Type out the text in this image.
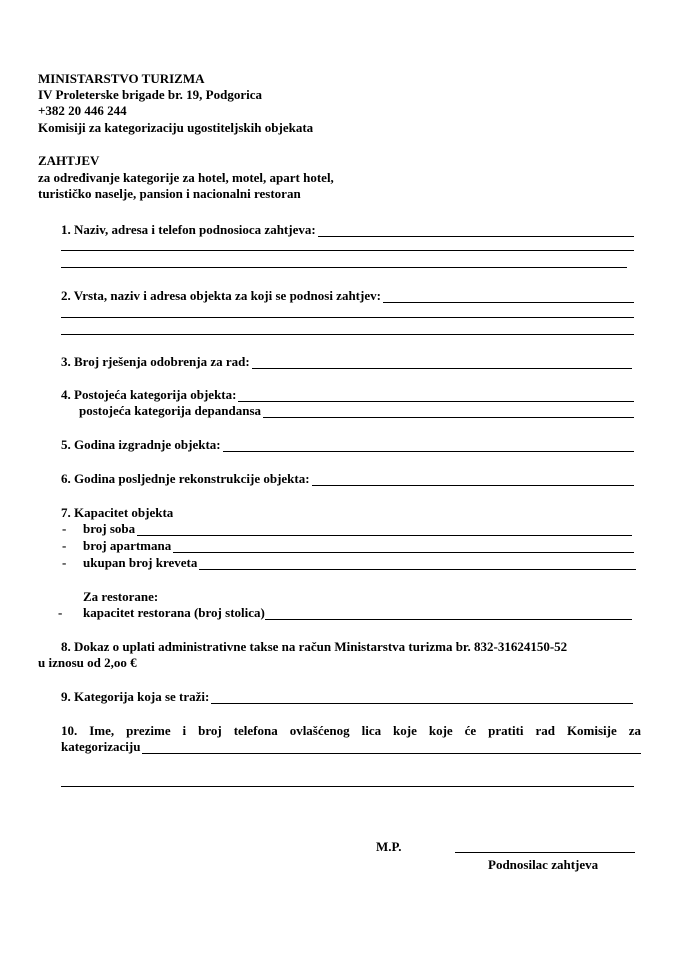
MINISTARSTVO TURIZMA
IV Proleterske brigade br. 19, Podgorica
+382 20 446 244
Komisiji za kategorizaciju ugostiteljskih objekata
ZAHTJEV
za određivanje kategorije za hotel, motel, apart hotel,
turističko naselje, pansion i nacionalni restoran
1. Naziv, adresa i telefon podnosioca zahtjeva:
2. Vrsta, naziv i adresa objekta za koji se podnosi zahtjev:
3. Broj rješenja odobrenja za rad:
4. Postojeća kategorija objekta:
postojeća kategorija depandansa
5. Godina izgradnje objekta:
6. Godina posljednje rekonstrukcije objekta:
7. Kapacitet objekta
- broj soba
- broj apartmana
- ukupan broj kreveta
Za restorane:
- kapacitet restorana (broj stolica)
8. Dokaz o uplati administrativne takse na račun Ministarstva turizma br. 832-31624150-52
u iznosu od 2,oo €
9. Kategorija koja se traži:
10. Ime, prezime i broj telefona ovlašćenog lica koje koje će pratiti rad Komisije za
kategorizaciju
M.P.
Podnosilac zahtjeva
